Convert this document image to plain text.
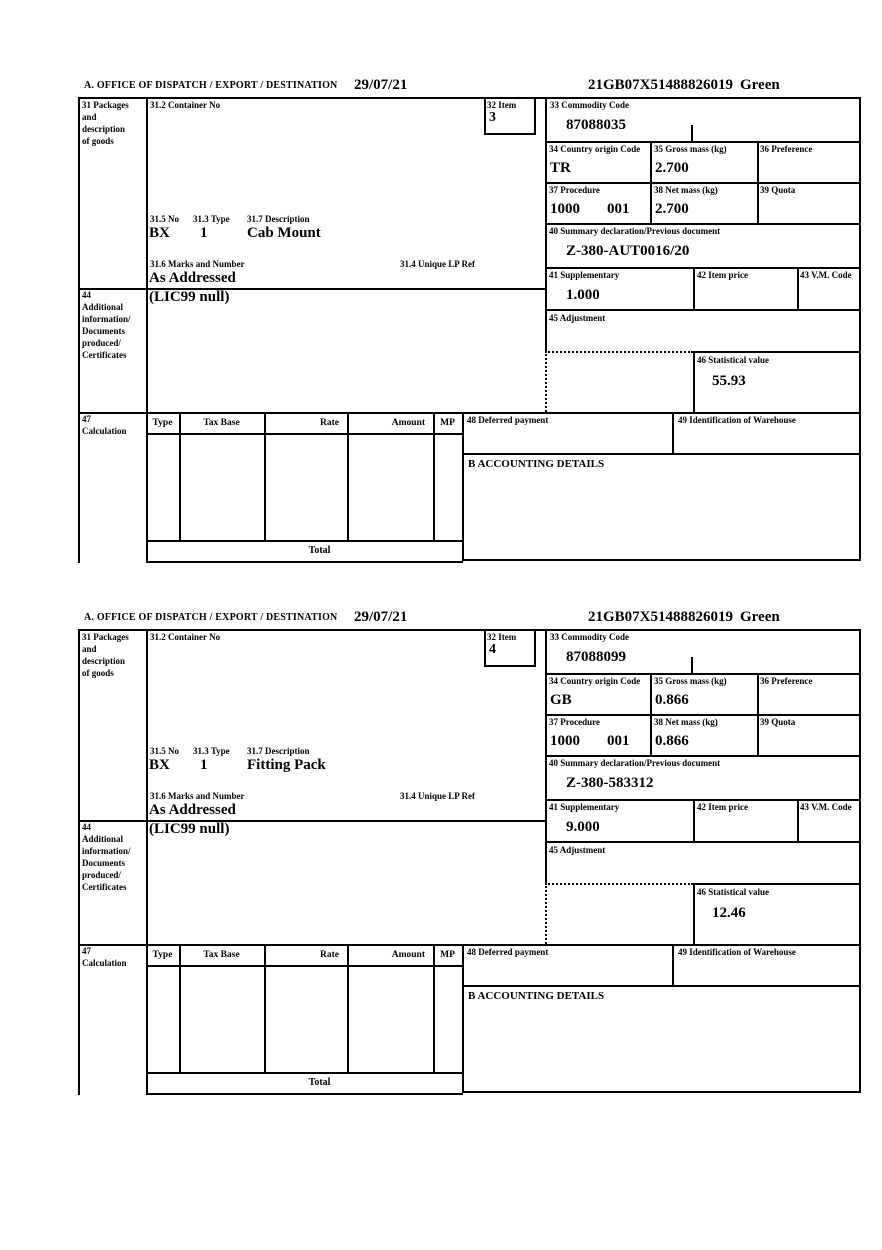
A. OFFICE OF DISPATCH / EXPORT / DESTINATION 29/07/21	21GB07X51488826019 Green
31 Packages
and
description
of goods
44
Additional
information/
Documents
produced/
Certificates
47
Calculation
31.2 Container No
31.5 No 31.3 Type 31.7 Description
BX 1	Cab Mount
31.6 Marks and Number	31.4 Unique LP Ref
As Addressed
(LIC99 null)
32 Item
3
33 Commodity Code
87088035
34 Country origin Code
TR
35 Gross mass (kg)
2.700
36 Preference
37 Procedure
1000 001
38 Net mass (kg)
2.700
39 Quota
40 Summary declaration/Previous document
Z-380-AUT0016/20
41 Supplementary
1.000
42 Item price	43 V.M. Code
45 Adjustment
46 Statistical value
55.93
Type	Tax Base	Rate	Amount	MP
Total
48 Deferred payment	49 Identification of Warehouse
B ACCOUNTING DETAILS
A. OFFICE OF DISPATCH / EXPORT / DESTINATION 29/07/21	21GB07X51488826019 Green
31 Packages
and
description
of goods
44
Additional
information/
Documents
produced/
Certificates
47
Calculation
31.2 Container No
31.5 No 31.3 Type 31.7 Description
BX 1	Fitting Pack
31.6 Marks and Number	31.4 Unique LP Ref
As Addressed
(LIC99 null)
32 Item
4
33 Commodity Code
87088099
34 Country origin Code
GB
35 Gross mass (kg)
0.866
36 Preference
37 Procedure
1000 001
38 Net mass (kg)
0.866
39 Quota
40 Summary declaration/Previous document
Z-380-583312
41 Supplementary
9.000
42 Item price	43 V.M. Code
45 Adjustment
46 Statistical value
12.46
Type	Tax Base	Rate	Amount	MP
Total
48 Deferred payment	49 Identification of Warehouse
B ACCOUNTING DETAILS
